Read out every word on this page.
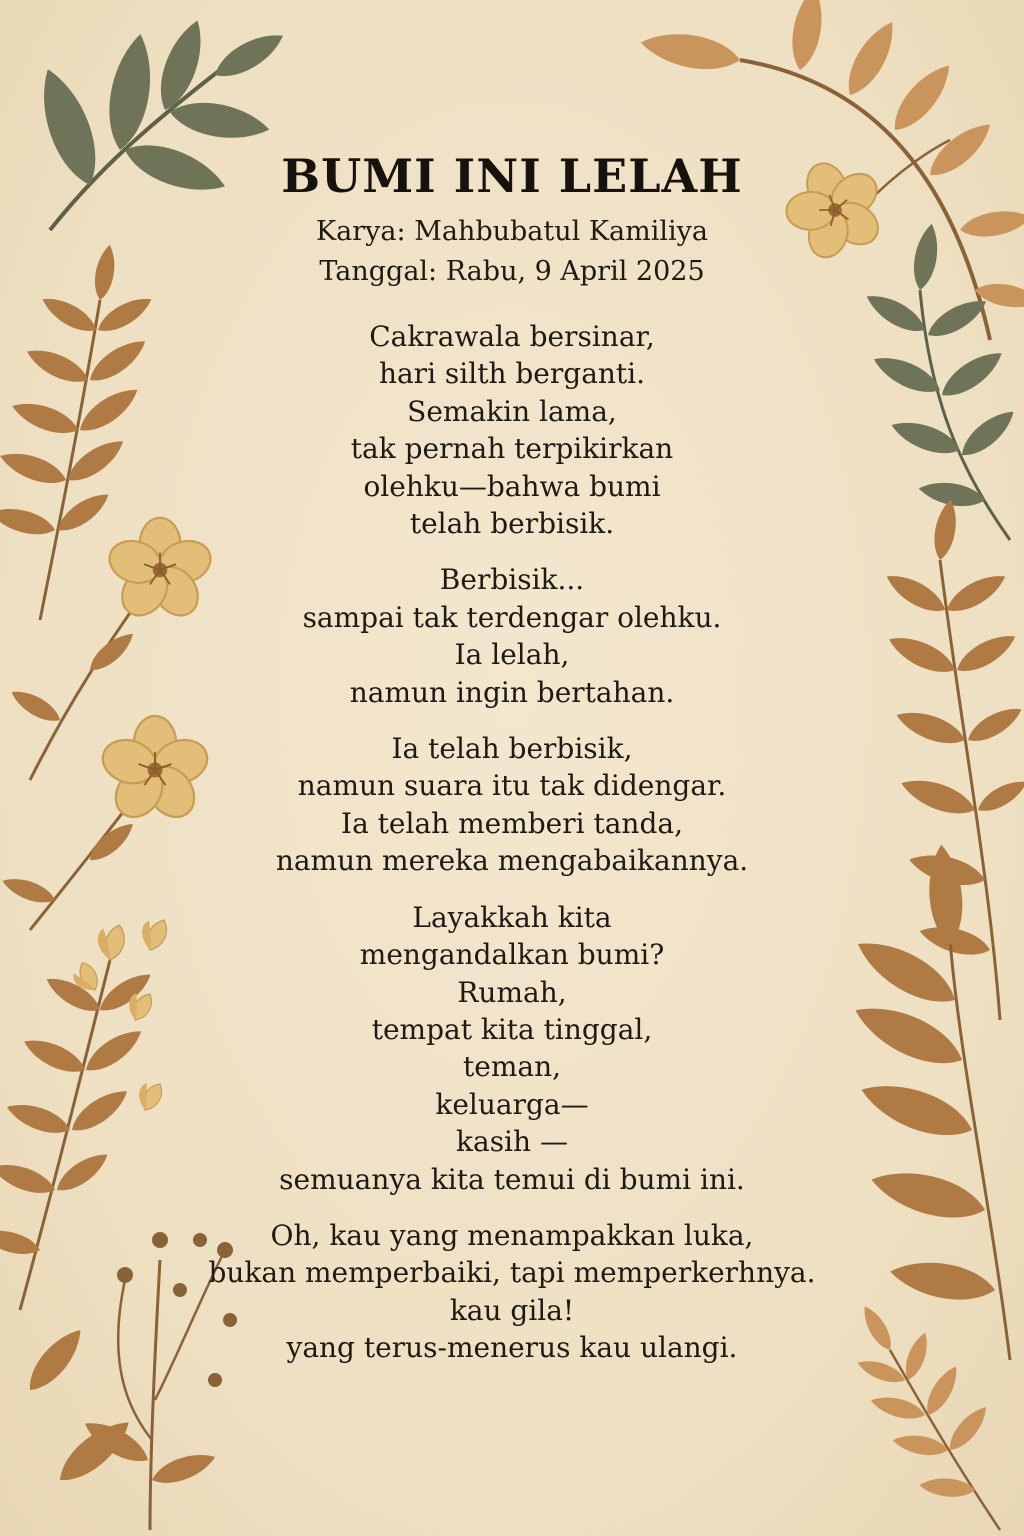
BUMI INI LELAH

Karya: Mahbubatul Kamiliya

Tanggal: Rabu, 9 April 2025

Cakrawala bersinar,
hari silth berganti.
Semakin lama,
tak pernah terpikirkan
olehku—bahwa bumi
telah berbisik.
Berbisik...
sampai tak terdengar olehku.
Ia lelah,
namun ingin bertahan.
Ia telah berbisik,
namun suara itu tak didengar.
Ia telah memberi tanda,
namun mereka mengabaikannya.
Layakkah kita
mengandalkan bumi?
Rumah,
tempat kita tinggal,
teman,
keluarga—
kasih —
semuanya kita temui di bumi ini.
Oh, kau yang menampakkan luka,
bukan memperbaiki, tapi memperkerhnya.
kau gila!
yang terus-menerus kau ulangi.
